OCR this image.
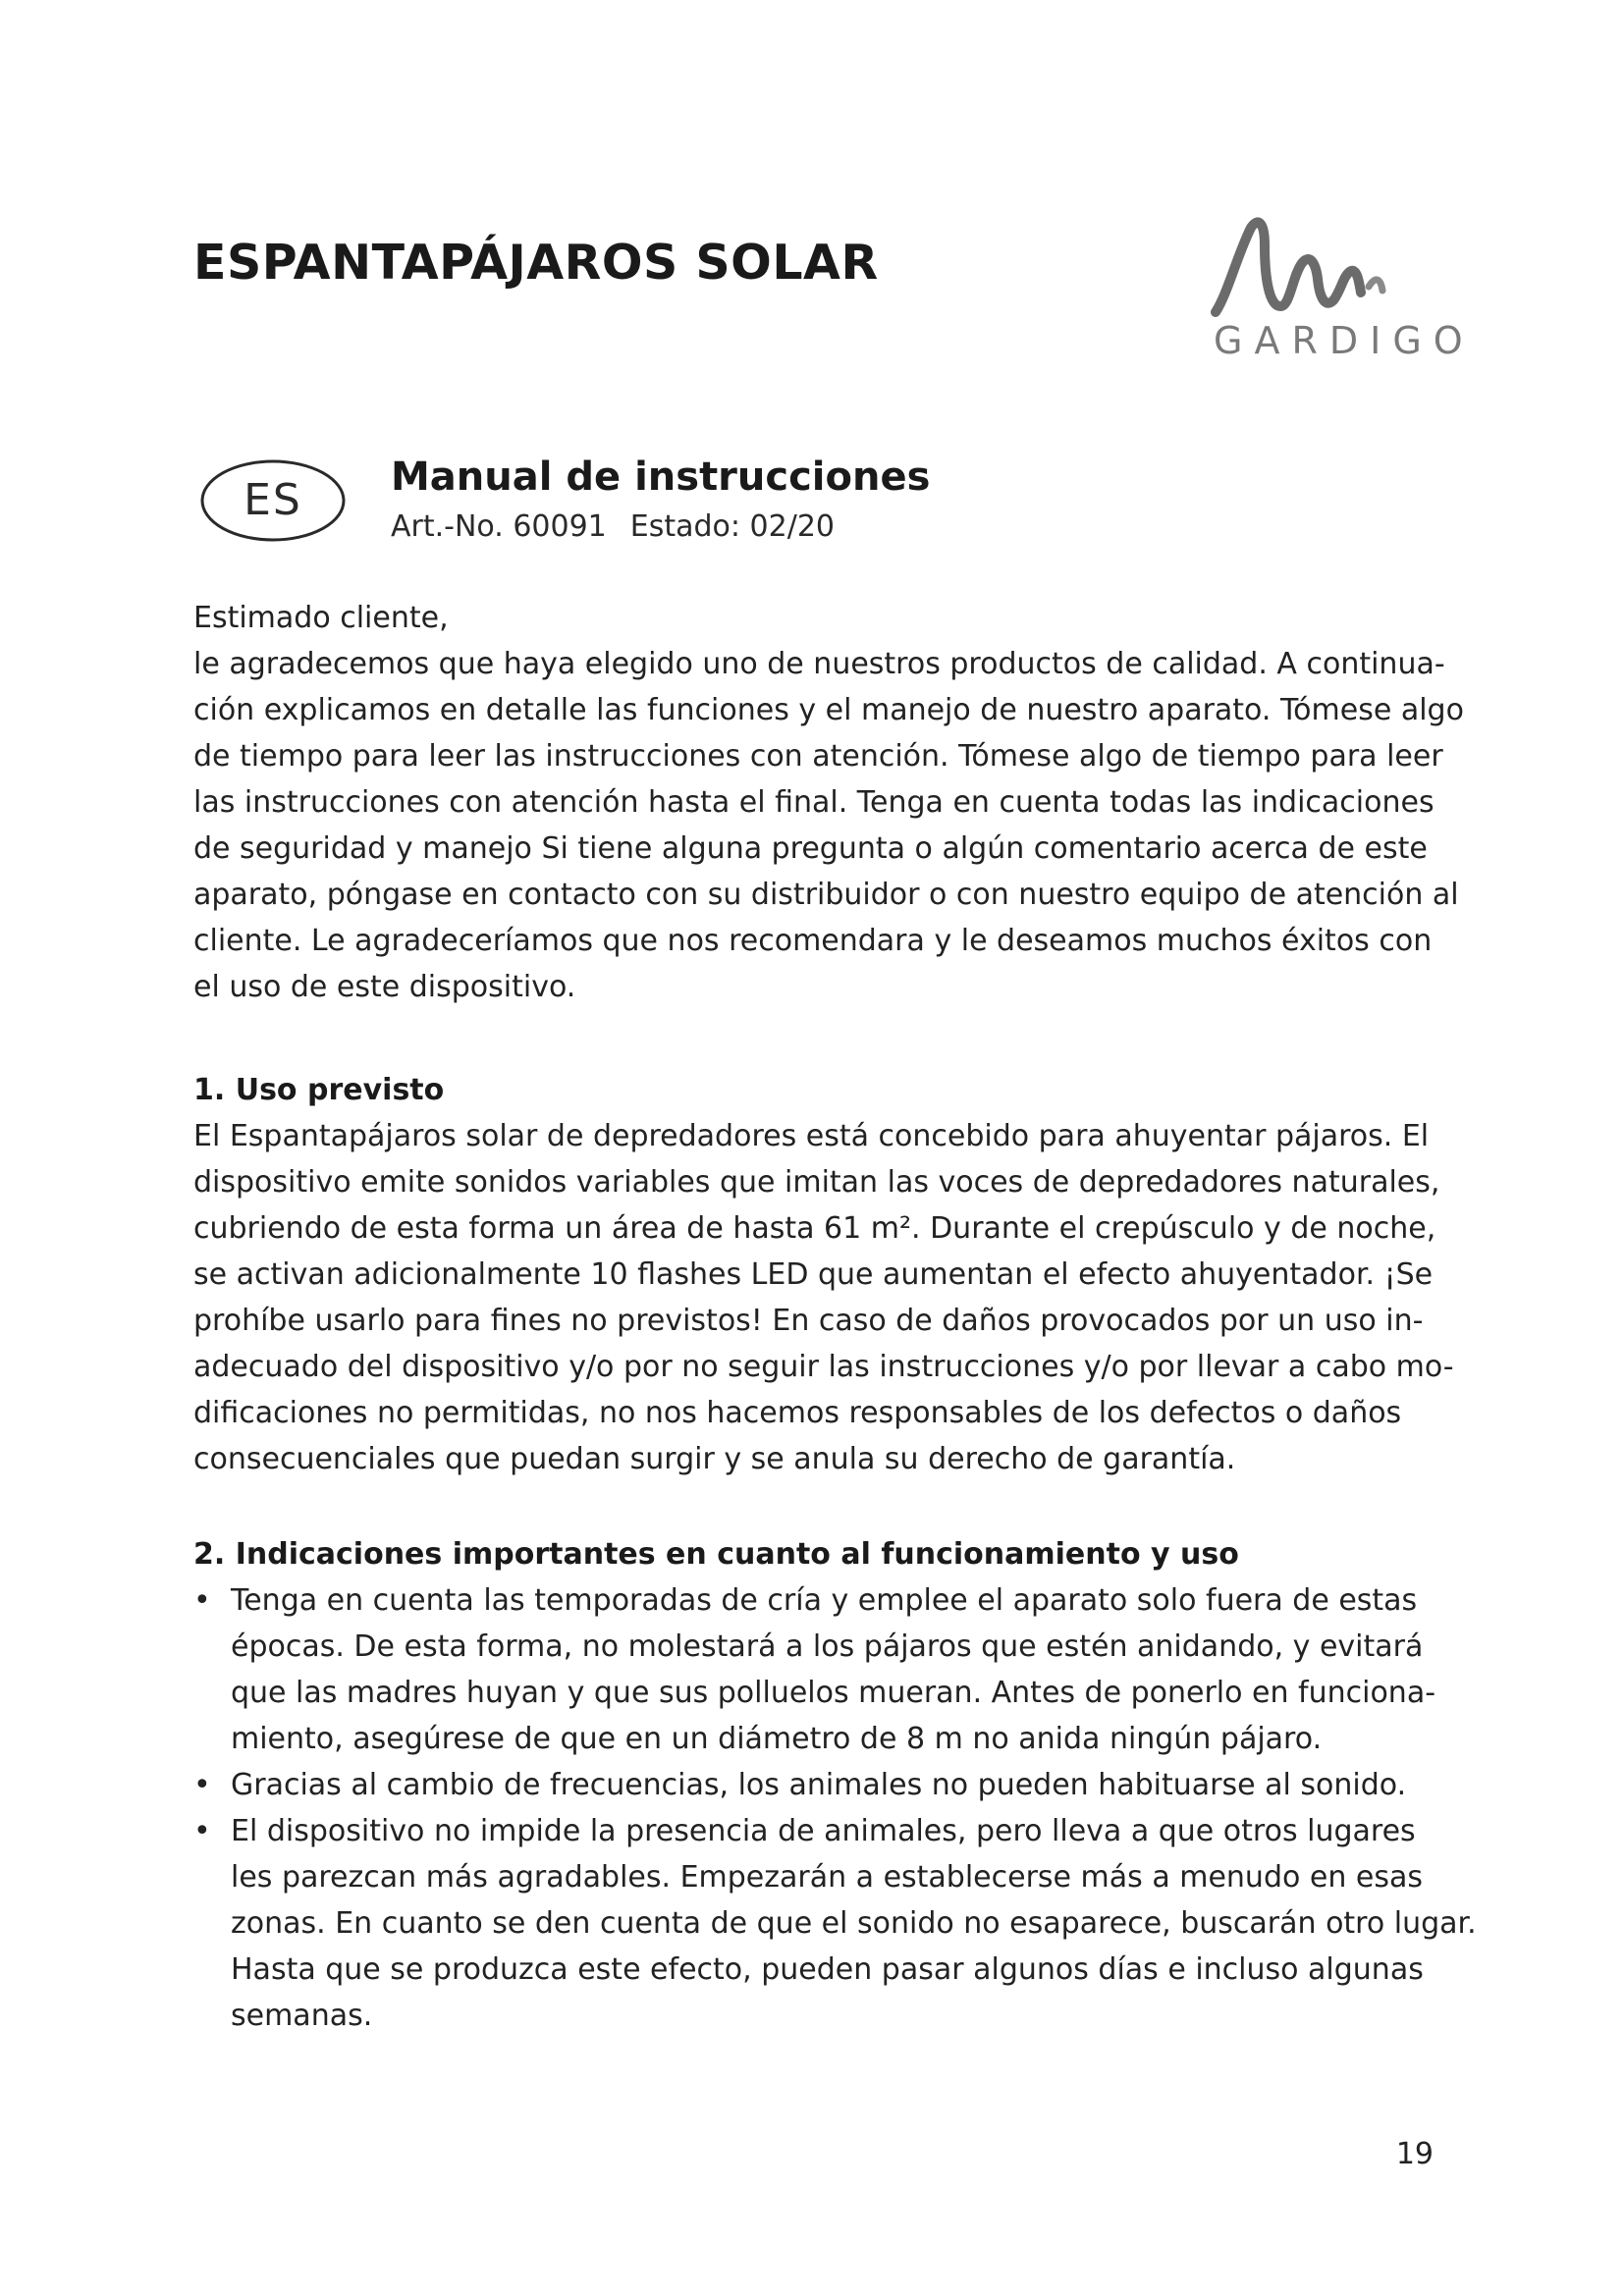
ESPANTAPÁJAROS SOLAR
GARDIGO
ES	Manual de instrucciones
Art.-No. 60091 Estado: 02/20
Estimado cliente,
le agradecemos que haya elegido uno de nuestros productos de calidad. A continua-
ción explicamos en detalle las funciones y el manejo de nuestro aparato. Tómese algo
de tiempo para leer las instrucciones con atención. Tómese algo de tiempo para leer
las instrucciones con atención hasta el final. Tenga en cuenta todas las indicaciones
de seguridad y manejo Si tiene alguna pregunta o algún comentario acerca de este
aparato, póngase en contacto con su distribuidor o con nuestro equipo de atención al
cliente. Le agradeceríamos que nos recomendara y le deseamos muchos éxitos con
el uso de este dispositivo.
1. Uso previsto
El Espantapájaros solar de depredadores está concebido para ahuyentar pájaros. El
dispositivo emite sonidos variables que imitan las voces de depredadores naturales,
cubriendo de esta forma un área de hasta 61 m². Durante el crepúsculo y de noche,
se activan adicionalmente 10 flashes LED que aumentan el efecto ahuyentador. ¡Se
prohíbe usarlo para fines no previstos! En caso de daños provocados por un uso in-
adecuado del dispositivo y/o por no seguir las instrucciones y/o por llevar a cabo mo-
dificaciones no permitidas, no nos hacemos responsables de los defectos o daños
consecuenciales que puedan surgir y se anula su derecho de garantía.
2. Indicaciones importantes en cuanto al funcionamiento y uso
• Tenga en cuenta las temporadas de cría y emplee el aparato solo fuera de estas
épocas. De esta forma, no molestará a los pájaros que estén anidando, y evitará
que las madres huyan y que sus polluelos mueran. Antes de ponerlo en funciona-
miento, asegúrese de que en un diámetro de 8 m no anida ningún pájaro.
• Gracias al cambio de frecuencias, los animales no pueden habituarse al sonido.
• El dispositivo no impide la presencia de animales, pero lleva a que otros lugares
les parezcan más agradables. Empezarán a establecerse más a menudo en esas
zonas. En cuanto se den cuenta de que el sonido no esaparece, buscarán otro lugar.
Hasta que se produzca este efecto, pueden pasar algunos días e incluso algunas
semanas.
19
